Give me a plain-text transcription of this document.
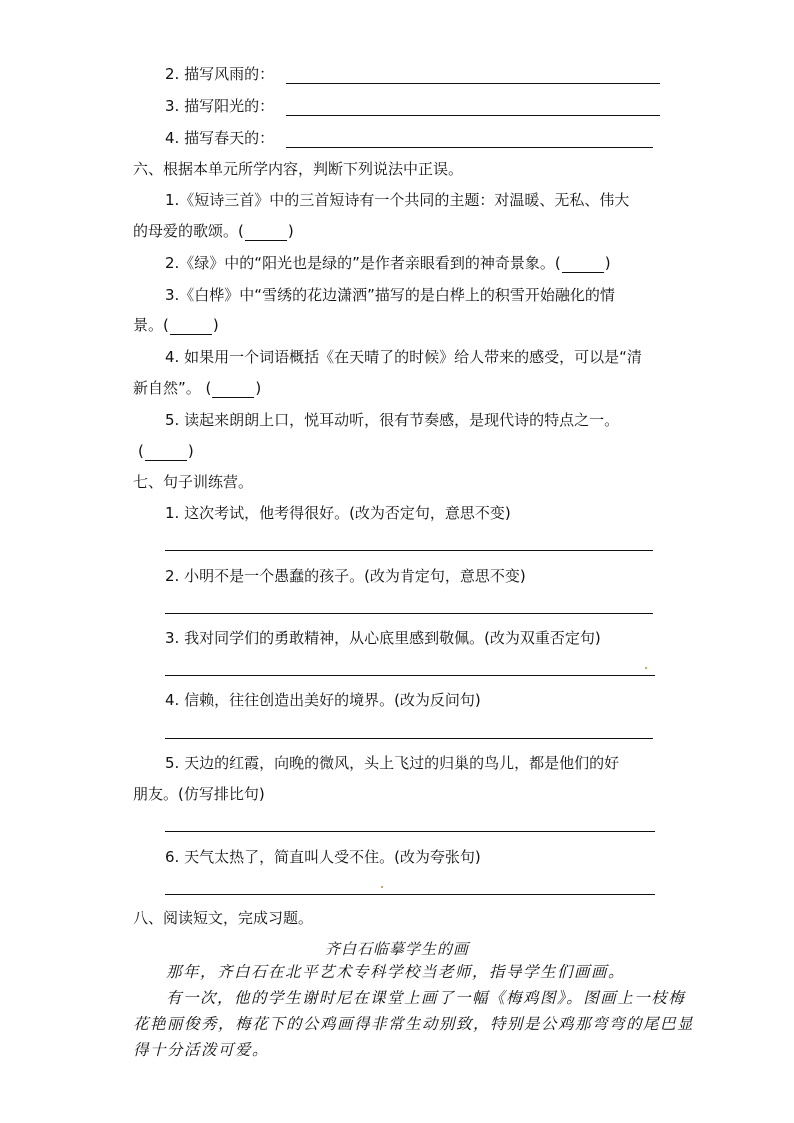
2. 描写风雨的：
3. 描写阳光的：
4. 描写春天的：
六、根据本单元所学内容，判断下列说法中正误。
1.《短诗三首》中的三首短诗有一个共同的主题：对温暖、无私、伟大
的母爱的歌颂。(	)
2.《绿》中的“阳光也是绿的”是作者亲眼看到的神奇景象。(	)
3.《白桦》中“雪绣的花边潇洒”描写的是白桦上的积雪开始融化的情
景。(	)
4. 如果用一个词语概括《在天晴了的时候》给人带来的感受，可以是“清
新自然”。 (	)
5. 读起来朗朗上口，悦耳动听，很有节奏感，是现代诗的特点之一。
(	)
七、句子训练营。
1. 这次考试，他考得很好。(改为否定句，意思不变)
2. 小明不是一个愚蠢的孩子。(改为肯定句，意思不变)
3. 我对同学们的勇敢精神，从心底里感到敬佩。(改为双重否定句)
4. 信赖，往往创造出美好的境界。(改为反问句)
5. 天边的红霞，向晚的微风，头上飞过的归巢的鸟儿，都是他们的好
朋友。(仿写排比句)
6. 天气太热了，简直叫人受不住。(改为夸张句)
八、阅读短文，完成习题。
齐白石临摹学生的画
那年，齐白石在北平艺术专科学校当老师，指导学生们画画。
有一次，他的学生谢时尼在课堂上画了一幅《梅鸡图》。图画上一枝梅
花艳丽俊秀，梅花下的公鸡画得非常生动别致，特别是公鸡那弯弯的尾巴显
得十分活泼可爱。
